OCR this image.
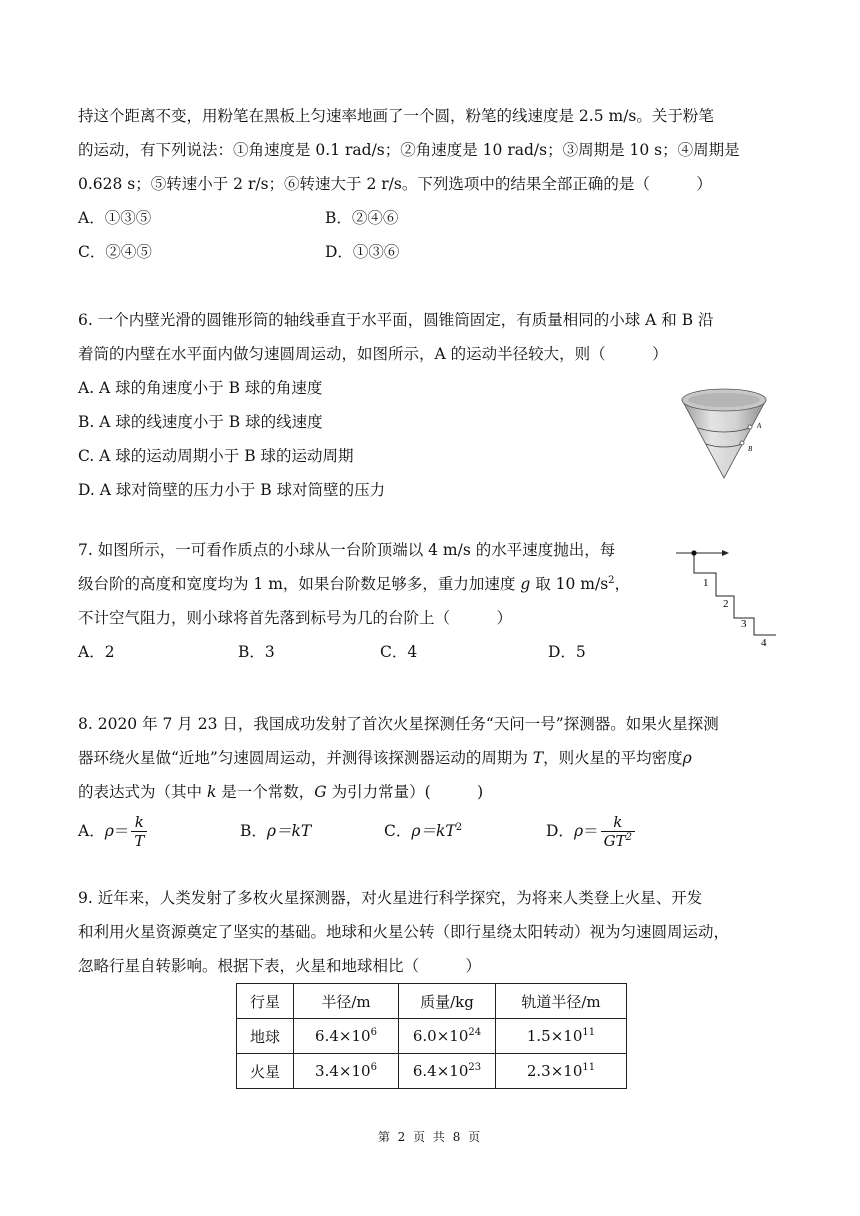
持这个距离不变，用粉笔在黑板上匀速率地画了一个圆，粉笔的线速度是 2.5 m/s。关于粉笔
的运动，有下列说法：①角速度是 0.1 rad/s；②角速度是 10 rad/s；③周期是 10 s；④周期是
0.628 s；⑤转速小于 2 r/s；⑥转速大于 2 r/s。下列选项中的结果全部正确的是（　　　）
A．①③⑤	B．②④⑥
C．②④⑤	D．①③⑥
6. 一个内壁光滑的圆锥形筒的轴线垂直于水平面，圆锥筒固定，有质量相同的小球 A 和 B 沿
着筒的内壁在水平面内做匀速圆周运动，如图所示，A 的运动半径较大，则（　　　）
A. A 球的角速度小于 B 球的角速度
B. A 球的线速度小于 B 球的线速度
C. A 球的运动周期小于 B 球的运动周期
D. A 球对筒壁的压力小于 B 球对筒壁的压力
A
B
7. 如图所示，一可看作质点的小球从一台阶顶端以 4 m/s 的水平速度抛出，每
级台阶的高度和宽度均为 1 m，如果台阶数足够多，重力加速度 g 取 10 $m/s^2$，
不计空气阻力，则小球将首先落到标号为几的台阶上（　　　）
A．2	B．3	C．4	D．5
1
2
3
4
8. 2020 年 7 月 23 日，我国成功发射了首次火星探测任务“天问一号”探测器。如果火星探测
器环绕火星做“近地”匀速圆周运动，并测得该探测器运动的周期为 T，则火星的平均密度ρ
的表达式为（其中 k 是一个常数，G 为引力常量）(　　　)
A． $\rho = \frac{k}{T}$	B．ρ＝kT	C．$\rho=kT^2$	D． $\rho = \frac{k}{GT^2}$
9. 近年来，人类发射了多枚火星探测器，对火星进行科学探究，为将来人类登上火星、开发
和利用火星资源奠定了坚实的基础。地球和火星公转（即行星绕太阳转动）视为匀速圆周运动，
忽略行星自转影响。根据下表，火星和地球相比（　　　）
行星	半径/m	质量/kg	轨道半径/m
地球	$6.4\times 10^6$	$6.0\times 10^{24}$	$1.5\times 10^{11}$
火星	$3.4\times 10^6$	$6.4\times 10^{23}$	$2.3\times 10^{11}$
第 2 页 共 8 页
